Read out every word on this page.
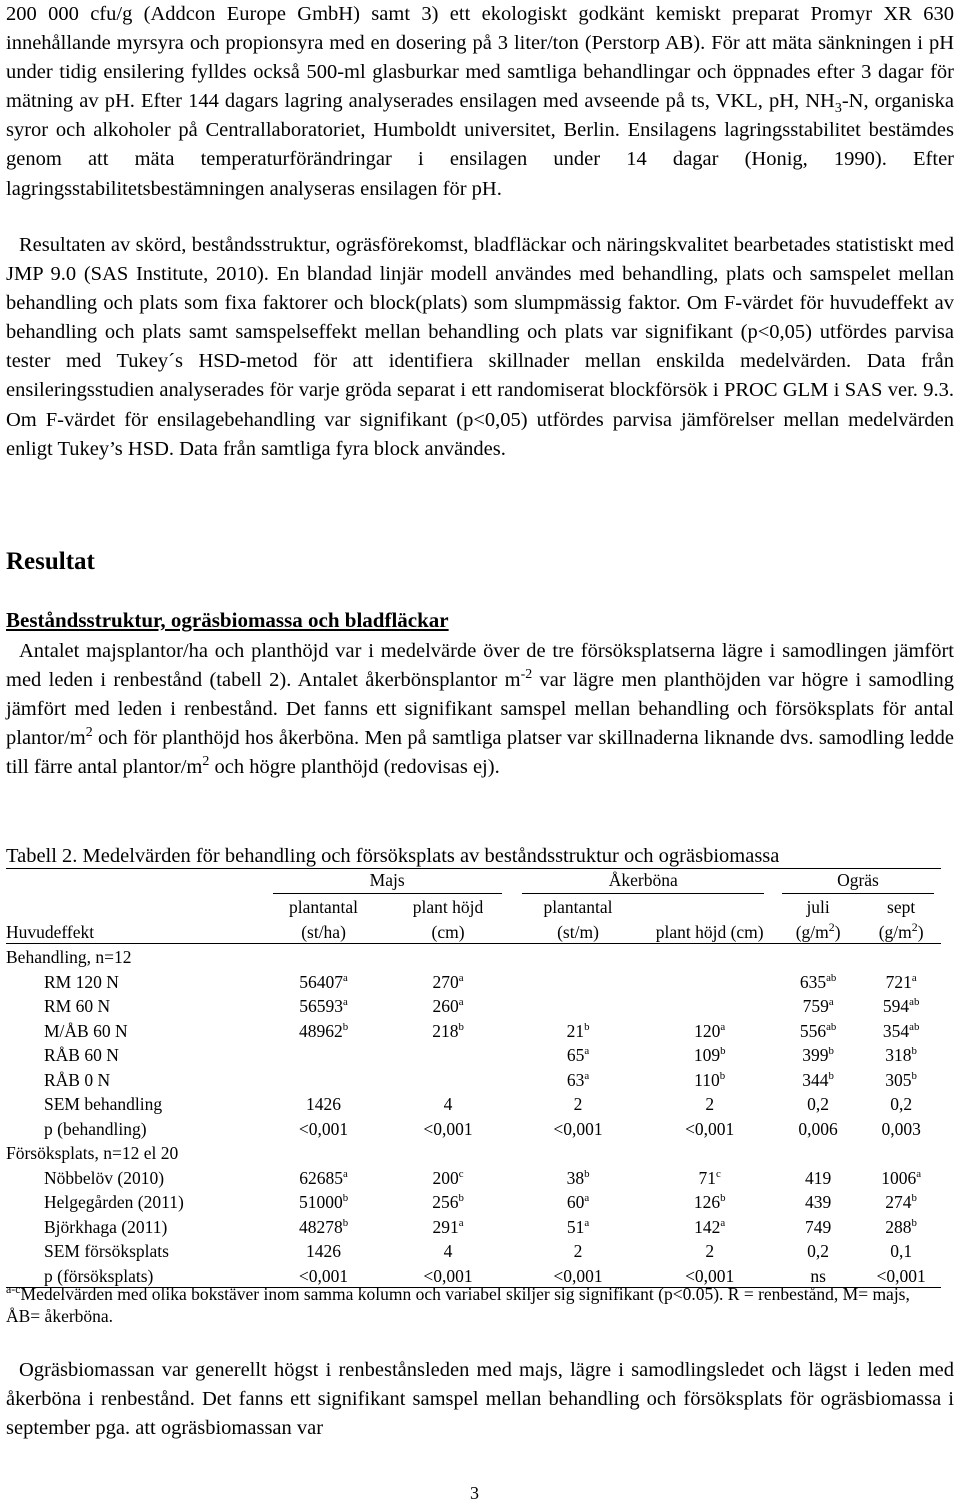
200 000 cfu/g (Addcon Europe GmbH) samt 3) ett ekologiskt godkänt kemiskt preparat Promyr XR 630 innehållande myrsyra och propionsyra med en dosering på 3 liter/ton (Perstorp AB). För att mäta sänkningen i pH under tidig ensilering fylldes också 500-ml glasburkar med samtliga behandlingar och öppnades efter 3 dagar för mätning av pH. Efter 144 dagars lagring analyserades ensilagen med avseende på ts, VKL, pH, $NH_3-N$, organiska syror och alkoholer på Centrallaboratoriet, Humboldt universitet, Berlin. Ensilagens lagringsstabilitet bestämdes genom att mäta temperaturförändringar i ensilagen under 14 dagar (Honig, 1990). Efter lagringsstabilitetsbestämningen analyseras ensilagen för pH.

Resultaten av skörd, beståndsstruktur, ogräsförekomst, bladfläckar och näringskvalitet bearbetades statistiskt med JMP 9.0 (SAS Institute, 2010). En blandad linjär modell användes med behandling, plats och samspelet mellan behandling och plats som fixa faktorer och block(plats) som slumpmässig faktor. Om F-värdet för huvudeffekt av behandling och plats samt samspelseffekt mellan behandling och plats var signifikant (p<0,05) utfördes parvisa tester med Tukey´s HSD-metod för att identifiera skillnader mellan enskilda medelvärden. Data från ensileringsstudien analyserades för varje gröda separat i ett randomiserat blockförsök i PROC GLM i SAS ver. 9.3. Om F-värdet för ensilagebehandling var signifikant (p<0,05) utfördes parvisa jämförelser mellan medelvärden enligt Tukey’s HSD. Data från samtliga fyra block användes.

Resultat
Beståndsstruktur, ogräsbiomassa och bladfläckar

Antalet majsplantor/ha och planthöjd var i medelvärde över de tre försöksplatserna lägre i samodlingen jämfört med leden i renbestånd (tabell 2). Antalet åkerbönsplantor $m^{-2}$ var lägre men planthöjden var högre i samodling jämfört med leden i renbestånd. Det fanns ett signifikant samspel mellan behandling och försöksplats för antal plantor/$m^2$ och för planthöjd hos åkerböna. Men på samtliga platser var skillnaderna liknande dvs. samodling ledde till färre antal plantor/$m^2$ och högre planthöjd (redovisas ej).

Tabell 2. Medelvärden för behandling och försöksplats av beståndsstruktur och ogräsbiomassa
	Majs		Åkerböna		Ogräs	
	plantantal	plant höjd	plantantal		juli	sept
Huvudeffekt	(st/ha)	(cm)	(st/m)	plant höjd (cm)	$(g/m^2)$	$(g/m^2)$
Behandling, n=12						
RM 120 N	56407$^a$	270$^a$			$635^{ab}$	721$^a$
RM 60 N	56593$^a$	260$^a$			759$^a$	$594^{ab}$
M/ÅB 60 N	48962$^b$	218$^b$	21$^b$	120$^a$	$556^{ab}$	$354^{ab}$
RÅB 60 N			65$^a$	109$^b$	399$^b$	318$^b$
RÅB 0 N			63$^a$	110$^b$	344$^b$	305$^b$
SEM behandling	1426	4	2	2	0,2	0,2
p (behandling)	<0,001	<0,001	<0,001	<0,001	0,006	0,003
Försöksplats, n=12 el 20						
Nöbbelöv (2010)	62685$^a$	200$^c$	38$^b$	71$^c$	419	1006$^a$
Helgegården (2011)	51000$^b$	256$^b$	60$^a$	126$^b$	439	274$^b$
Björkhaga (2011)	48278$^b$	291$^a$	51$^a$	142$^a$	749	288$^b$
SEM försöksplats	1426	4	2	2	0,2	0,1
p (försöksplats)	<0,001	<0,001	<0,001	<0,001	ns	<0,001
$^{a-c}$Medelvärden med olika bokstäver inom samma kolumn och variabel skiljer sig signifikant (p<0.05). R = renbestånd, M= majs, ÅB= åkerböna.

Ogräsbiomassan var generellt högst i renbestånsleden med majs, lägre i samodlingsledet och lägst i leden med åkerböna i renbestånd. Det fanns ett signifikant samspel mellan behandling och försöksplats för ogräsbiomassa i september pga. att ogräsbiomassan var

3
